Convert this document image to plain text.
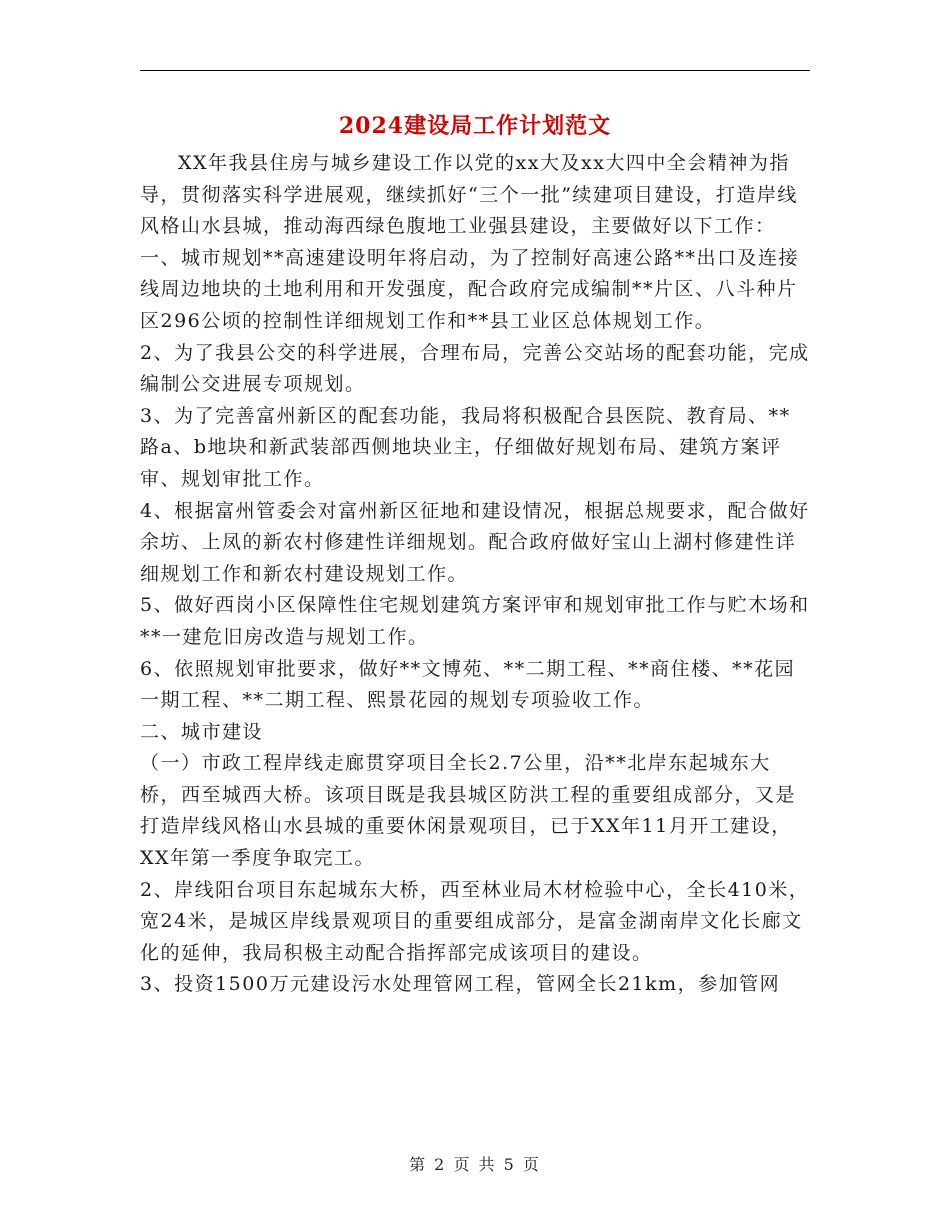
2024建设局工作计划范文

XX年我县住房与城乡建设工作以党的xx大及xx大四中全会精神为指导，贯彻落实科学进展观，继续抓好“三个一批”续建项目建设，打造岸线风格山水县城，推动海西绿色腹地工业强县建设，主要做好以下工作：

一、城市规划**高速建设明年将启动，为了控制好高速公路**出口及连接线周边地块的土地利用和开发强度，配合政府完成编制**片区、八斗种片区296公顷的控制性详细规划工作和**县工业区总体规划工作。

2、为了我县公交的科学进展，合理布局，完善公交站场的配套功能，完成编制公交进展专项规划。

3、为了完善富州新区的配套功能，我局将积极配合县医院、教育局、**路a、b地块和新武装部西侧地块业主，仔细做好规划布局、建筑方案评审、规划审批工作。

4、根据富州管委会对富州新区征地和建设情况，根据总规要求，配合做好余坊、上凤的新农村修建性详细规划。配合政府做好宝山上湖村修建性详细规划工作和新农村建设规划工作。

5、做好西岗小区保障性住宅规划建筑方案评审和规划审批工作与贮木场和**一建危旧房改造与规划工作。

6、依照规划审批要求，做好**文博苑、**二期工程、**商住楼、**花园一期工程、**二期工程、熙景花园的规划专项验收工作。

二、城市建设

（一）市政工程岸线走廊贯穿项目全长2.7公里，沿**北岸东起城东大桥，西至城西大桥。该项目既是我县城区防洪工程的重要组成部分，又是打造岸线风格山水县城的重要休闲景观项目，已于XX年11月开工建设，XX年第一季度争取完工。

2、岸线阳台项目东起城东大桥，西至林业局木材检验中心，全长410米，宽24米，是城区岸线景观项目的重要组成部分，是富金湖南岸文化长廊文化的延伸，我局积极主动配合指挥部完成该项目的建设。

3、投资1500万元建设污水处理管网工程，管网全长21km，参加管网

第 2 页 共 5 页
